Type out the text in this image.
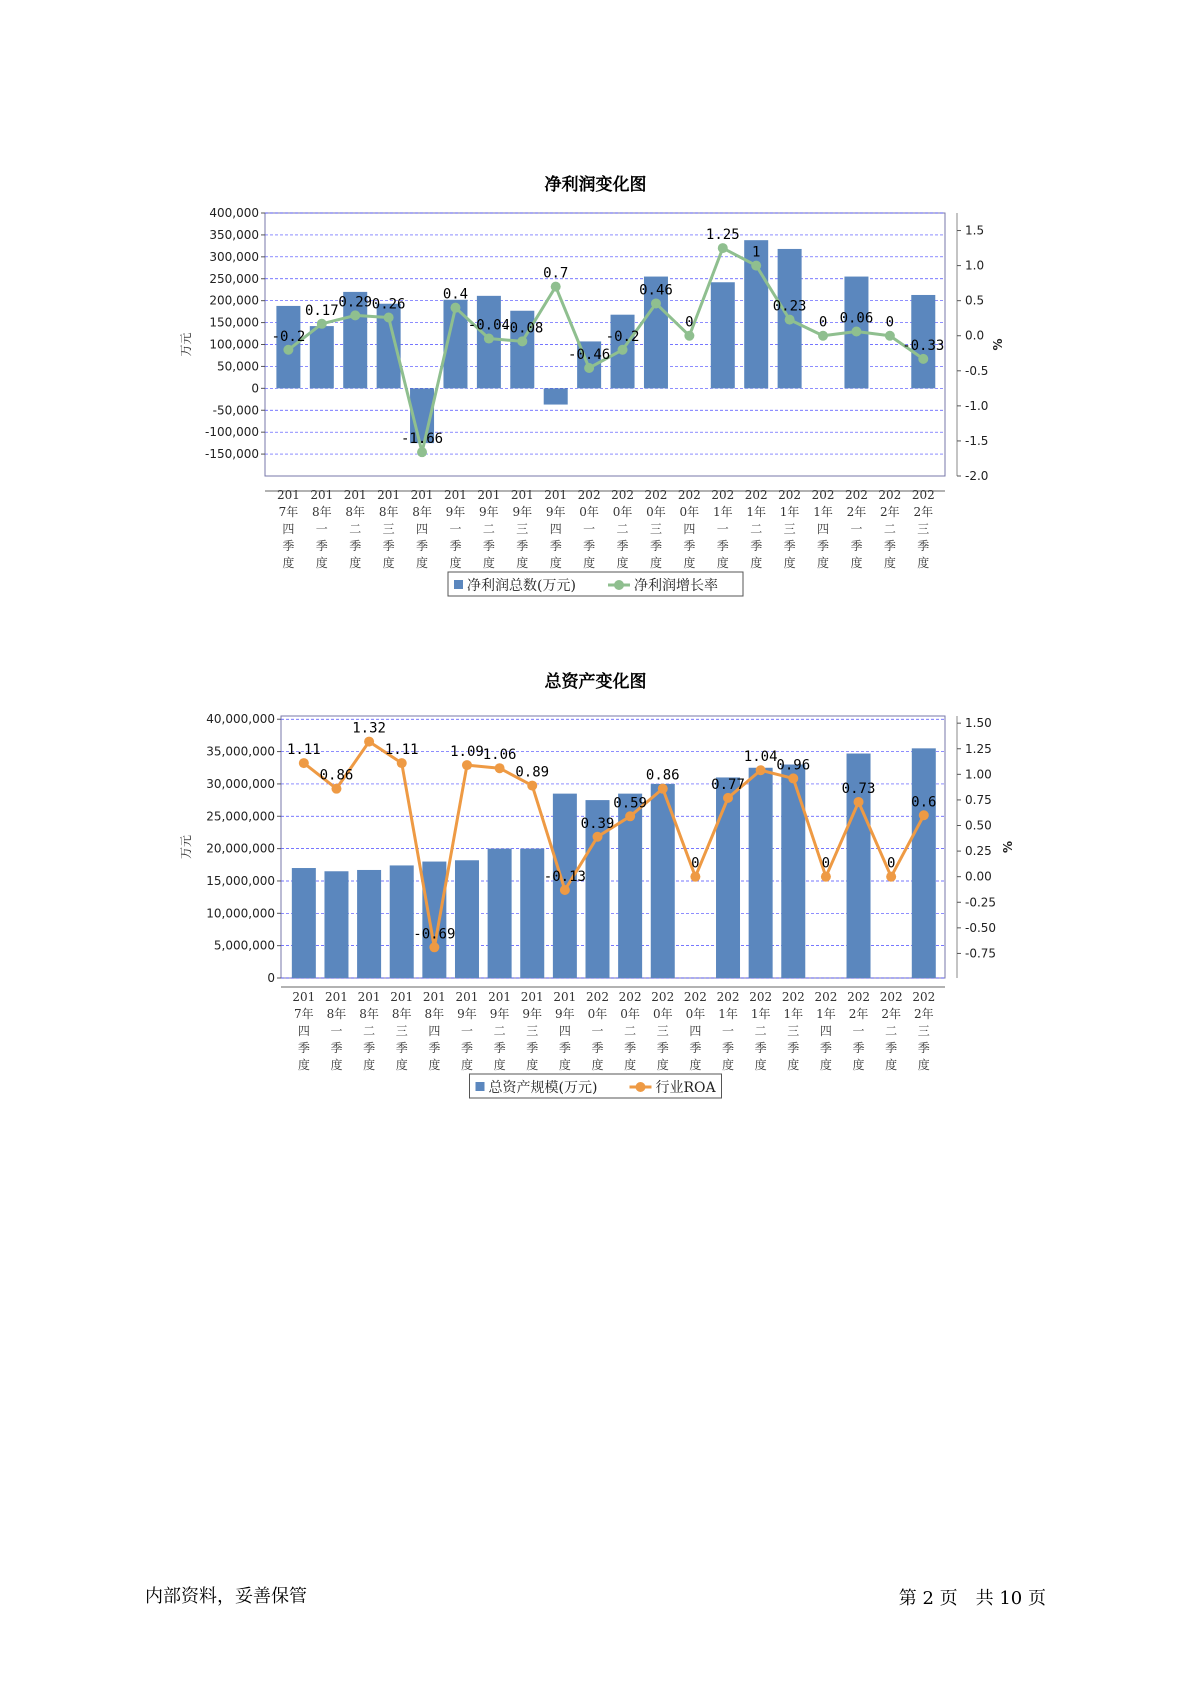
净利润变化图
400,000
350,000
300,000
250,000
200,000
150,000
100,000
50,000
0
-50,000
-100,000
-150,000
1.5
1.0
0.5
0.0
-0.5
-1.0
-1.5
-2.0
万元	%
-0.2
0.17
0.29 0.26
-1.66
0.4
-0.04
-0.08
0.7
-0.46
-0.2
0.46
0
1.25
1
0.23
0 0.06 0
-0.33
201
7年
四
季
度
201
8年
一
季
度
201
8年
二
季
度
201
8年
三
季
度
201
8年
四
季
度
201
9年
一
季
度
201
9年
二
季
度
201
9年
三
季
度
201
9年
四
季
度
202
0年
一
季
度
202
0年
二
季
度
202
0年
三
季
度
202
0年
四
季
度
202
1年
一
季
度
202
1年
二
季
度
202
1年
三
季
度
202
1年
四
季
度
202
2年
一
季
度
202
2年
二
季
度
202
2年
三
季
度
净利润总数(万元)	净利润增长率
总资产变化图
40,000,000
35,000,000
30,000,000
25,000,000
20,000,000
15,000,000
10,000,000
5,000,000
0
1.50
1.25
1.00
0.75
0.50
0.25
0.00
-0.25
-0.50
-0.75
万元	%
1.11
0.86
1.32
1.11
-0.69
1.09
1.06
0.89
-0.13
0.39
0.59
0.86
0
0.77
1.04
0.96
0
0.73
0
0.6
201
7年
四
季
度
201
8年
一
季
度
201
8年
二
季
度
201
8年
三
季
度
201
8年
四
季
度
201
9年
一
季
度
201
9年
二
季
度
201
9年
三
季
度
201
9年
四
季
度
202
0年
一
季
度
202
0年
二
季
度
202
0年
三
季
度
202
0年
四
季
度
202
1年
一
季
度
202
1年
二
季
度
202
1年
三
季
度
202
1年
四
季
度
202
2年
一
季
度
202
2年
二
季
度
202
2年
三
季
度
总资产规模(万元)	行业ROA
内部资料，妥善保管	第 2 页　共 10 页
